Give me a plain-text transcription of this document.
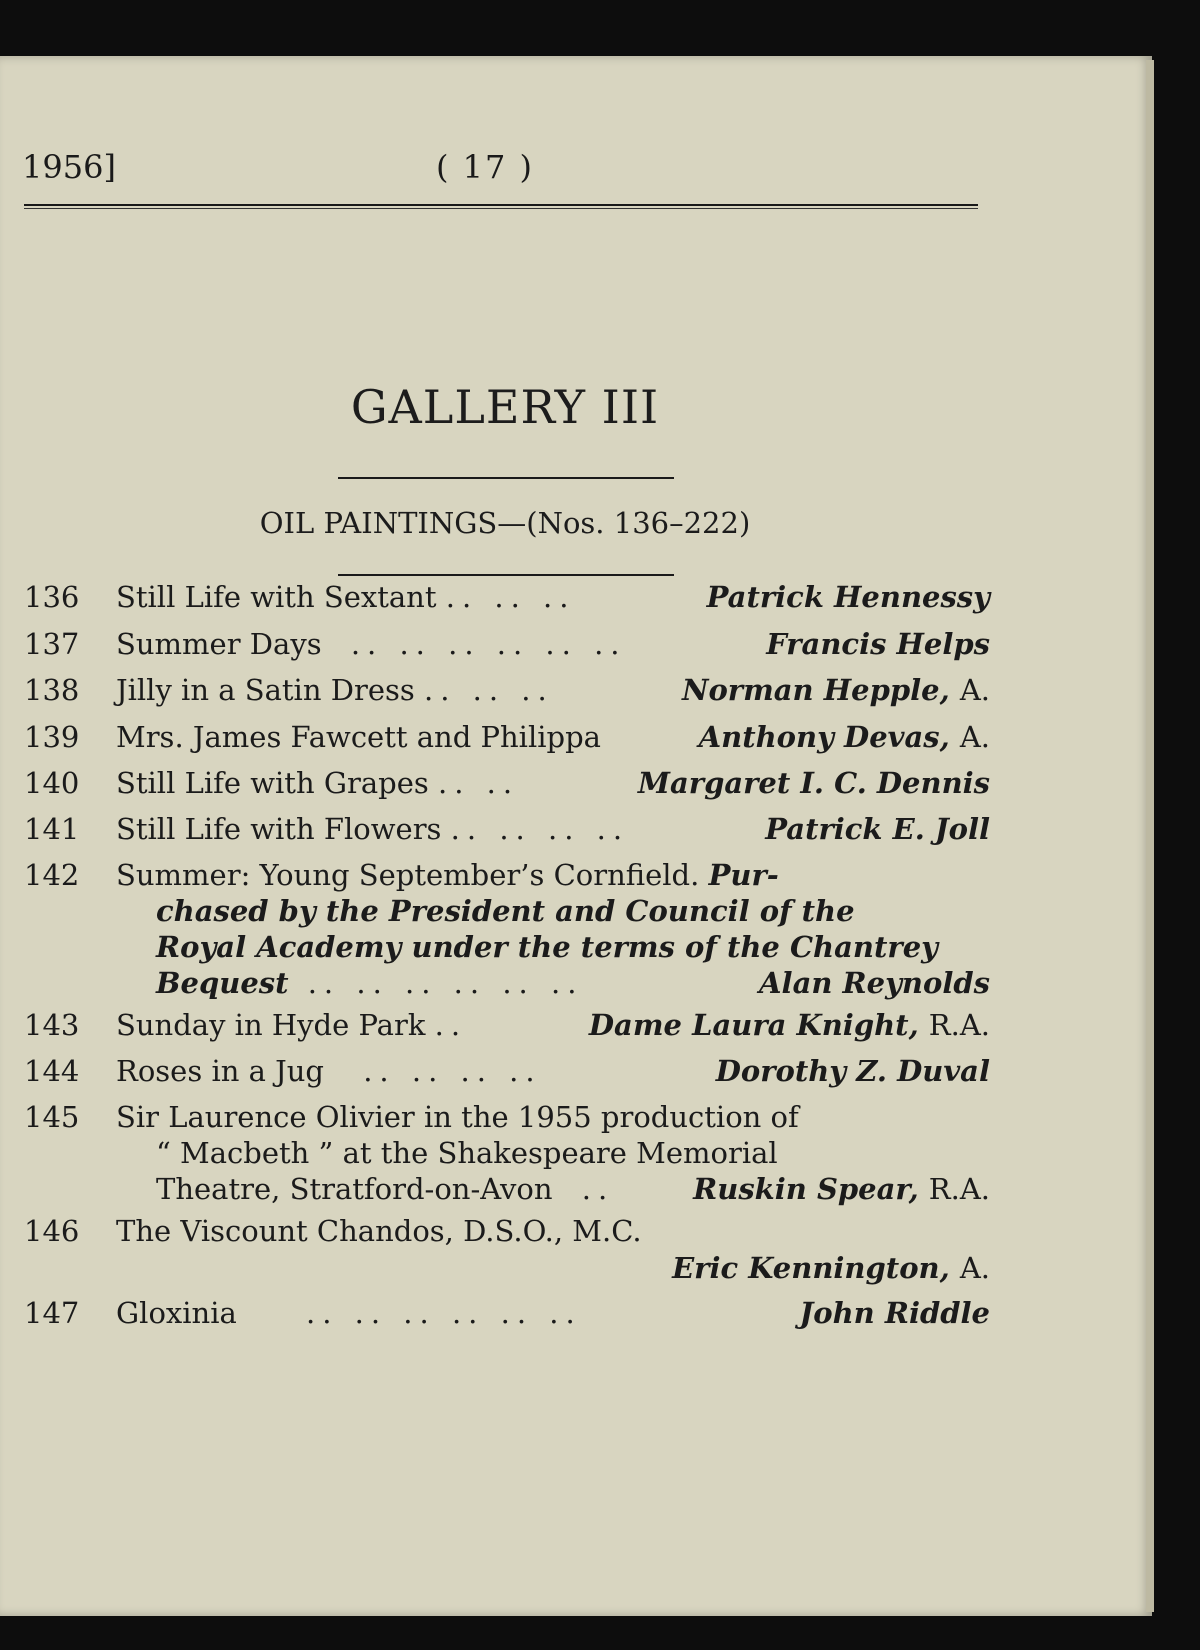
1956]	( 17 )
GALLERY III
OIL PAINTINGS—(Nos. 136–222)
136	Still Life with Sextant .. .. ..	Patrick Hennessy
137	Summer Days .. .. .. .. .. ..	Francis Helps
138	Jilly in a Satin Dress .. .. ..	Norman Hepple, A.
139	Mrs. James Fawcett and Philippa	Anthony Devas, A.
140	Still Life with Grapes .. ..	Margaret I. C. Dennis
141	Still Life with Flowers .. .. .. ..	Patrick E. Joll
142	Summer: Young September’s Cornfield. Pur-
chased by the President and Council of the
Royal Academy under the terms of the Chantrey
Bequest .. .. .. .. .. ..	Alan Reynolds
143	Sunday in Hyde Park ..	Dame Laura Knight, R.A.
144	Roses in a Jug .. .. .. ..	Dorothy Z. Duval
145	Sir Laurence Olivier in the 1955 production of
“ Macbeth ” at the Shakespeare Memorial
Theatre, Stratford-on-Avon ..	Ruskin Spear, R.A.
146	The Viscount Chandos, D.S.O., M.C.
Eric Kennington, A.
147	Gloxinia .. .. .. .. .. ..	John Riddle
